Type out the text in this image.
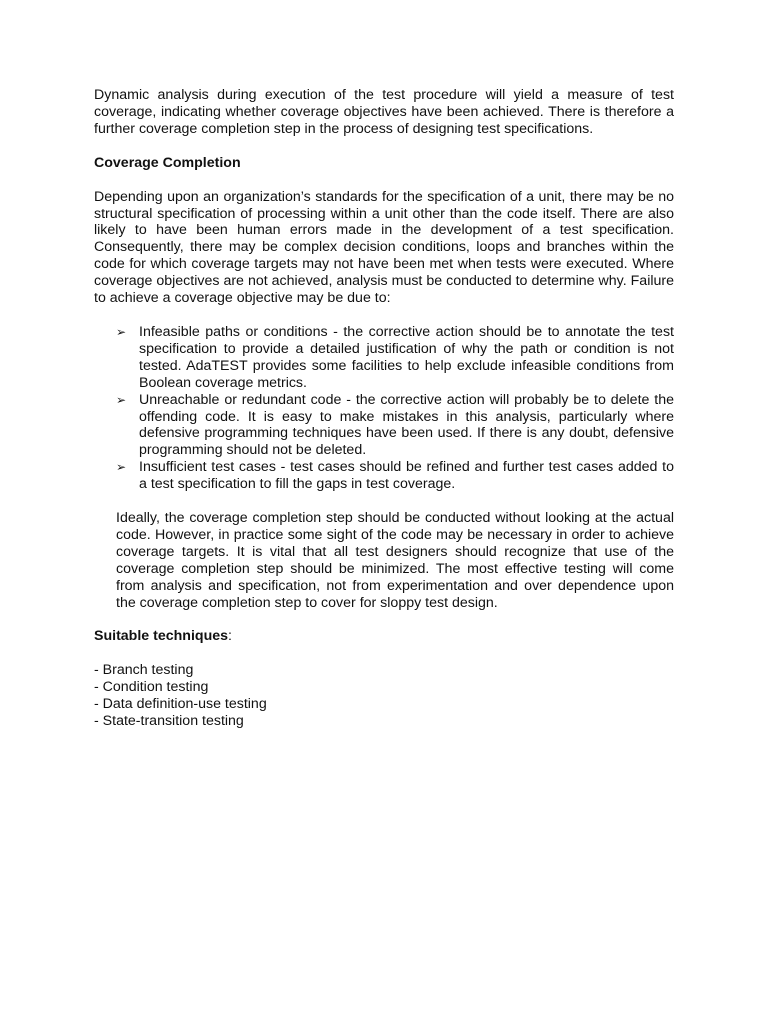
Dynamic analysis during execution of the test procedure will yield a measure of test coverage, indicating whether coverage objectives have been achieved. There is therefore a further coverage completion step in the process of designing test specifications.

Coverage Completion

Depending upon an organization’s standards for the specification of a unit, there may be no structural specification of processing within a unit other than the code itself. There are also likely to have been human errors made in the development of a test specification. Consequently, there may be complex decision conditions, loops and branches within the code for which coverage targets may not have been met when tests were executed. Where coverage objectives are not achieved, analysis must be conducted to determine why. Failure to achieve a coverage objective may be due to:

➢ Infeasible paths or conditions - the corrective action should be to annotate the test specification to provide a detailed justification of why the path or condition is not tested. AdaTEST provides some facilities to help exclude infeasible conditions from Boolean coverage metrics.
➢ Unreachable or redundant code - the corrective action will probably be to delete the offending code. It is easy to make mistakes in this analysis, particularly where defensive programming techniques have been used. If there is any doubt, defensive programming should not be deleted.
➢ Insufficient test cases - test cases should be refined and further test cases added to a test specification to fill the gaps in test coverage.

Ideally, the coverage completion step should be conducted without looking at the actual code. However, in practice some sight of the code may be necessary in order to achieve coverage targets. It is vital that all test designers should recognize that use of the coverage completion step should be minimized. The most effective testing will come from analysis and specification, not from experimentation and over dependence upon the coverage completion step to cover for sloppy test design.

Suitable techniques:

- Branch testing
- Condition testing
- Data definition-use testing
- State-transition testing
